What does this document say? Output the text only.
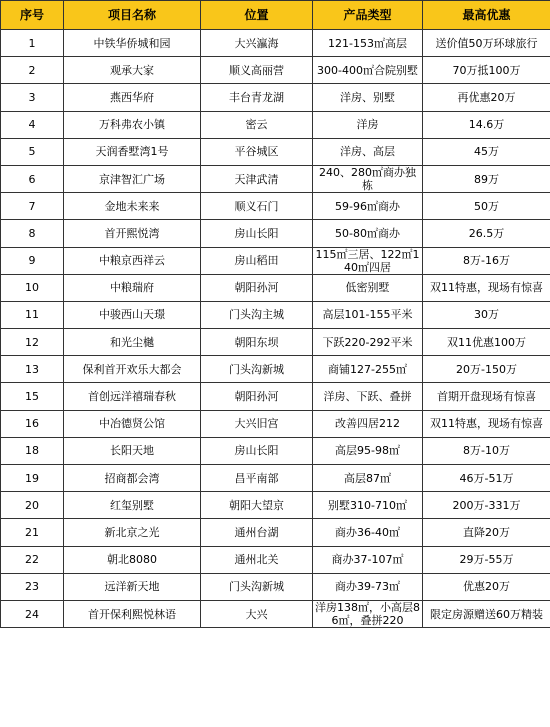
序号	项目名称	位置	产品类型	最高优惠
1	中铁华侨城和园	大兴瀛海	121-153㎡高层	送价值50万环球旅行
2	观承大家	顺义高丽营	300-400㎡合院别墅	70万抵100万
3	燕西华府	丰台青龙湖	洋房、别墅	再优惠20万
4	万科弗农小镇	密云	洋房	14.6万
5	天润香墅湾1号	平谷城区	洋房、高层	45万
6	京津智汇广场	天津武清	240、280㎡商办独栋	89万
7	金地未来来	顺义石门	59-96㎡商办	50万
8	首开熙悦湾	房山长阳	50-80㎡商办	26.5万
9	中粮京西祥云	房山稻田	115㎡三居、122㎡140㎡四居	8万-16万
10	中粮瑞府	朝阳孙河	低密别墅	双11特惠，现场有惊喜
11	中骏西山天璟	门头沟主城	高层101-155平米	30万
12	和光尘樾	朝阳东坝	下跃220-292平米	双11优惠100万
13	保利首开欢乐大都会	门头沟新城	商铺127-255㎡	20万-150万
15	首创远洋禧瑞春秋	朝阳孙河	洋房、下跃、叠拼	首期开盘现场有惊喜
16	中冶德贤公馆	大兴旧宫	改善四居212	双11特惠，现场有惊喜
18	长阳天地	房山长阳	高层95-98㎡	8万-10万
19	招商都会湾	昌平南部	高层87㎡	46万-51万
20	红玺别墅	朝阳大望京	别墅310-710㎡	200万-331万
21	新北京之光	通州台湖	商办36-40㎡	直降20万
22	朝北8080	通州北关	商办37-107㎡	29万-55万
23	远洋新天地	门头沟新城	商办39-73㎡	优惠20万
24	首开保利熙悦林语	大兴	洋房138㎡，小高层86㎡，叠拼220	限定房源赠送60万精装
